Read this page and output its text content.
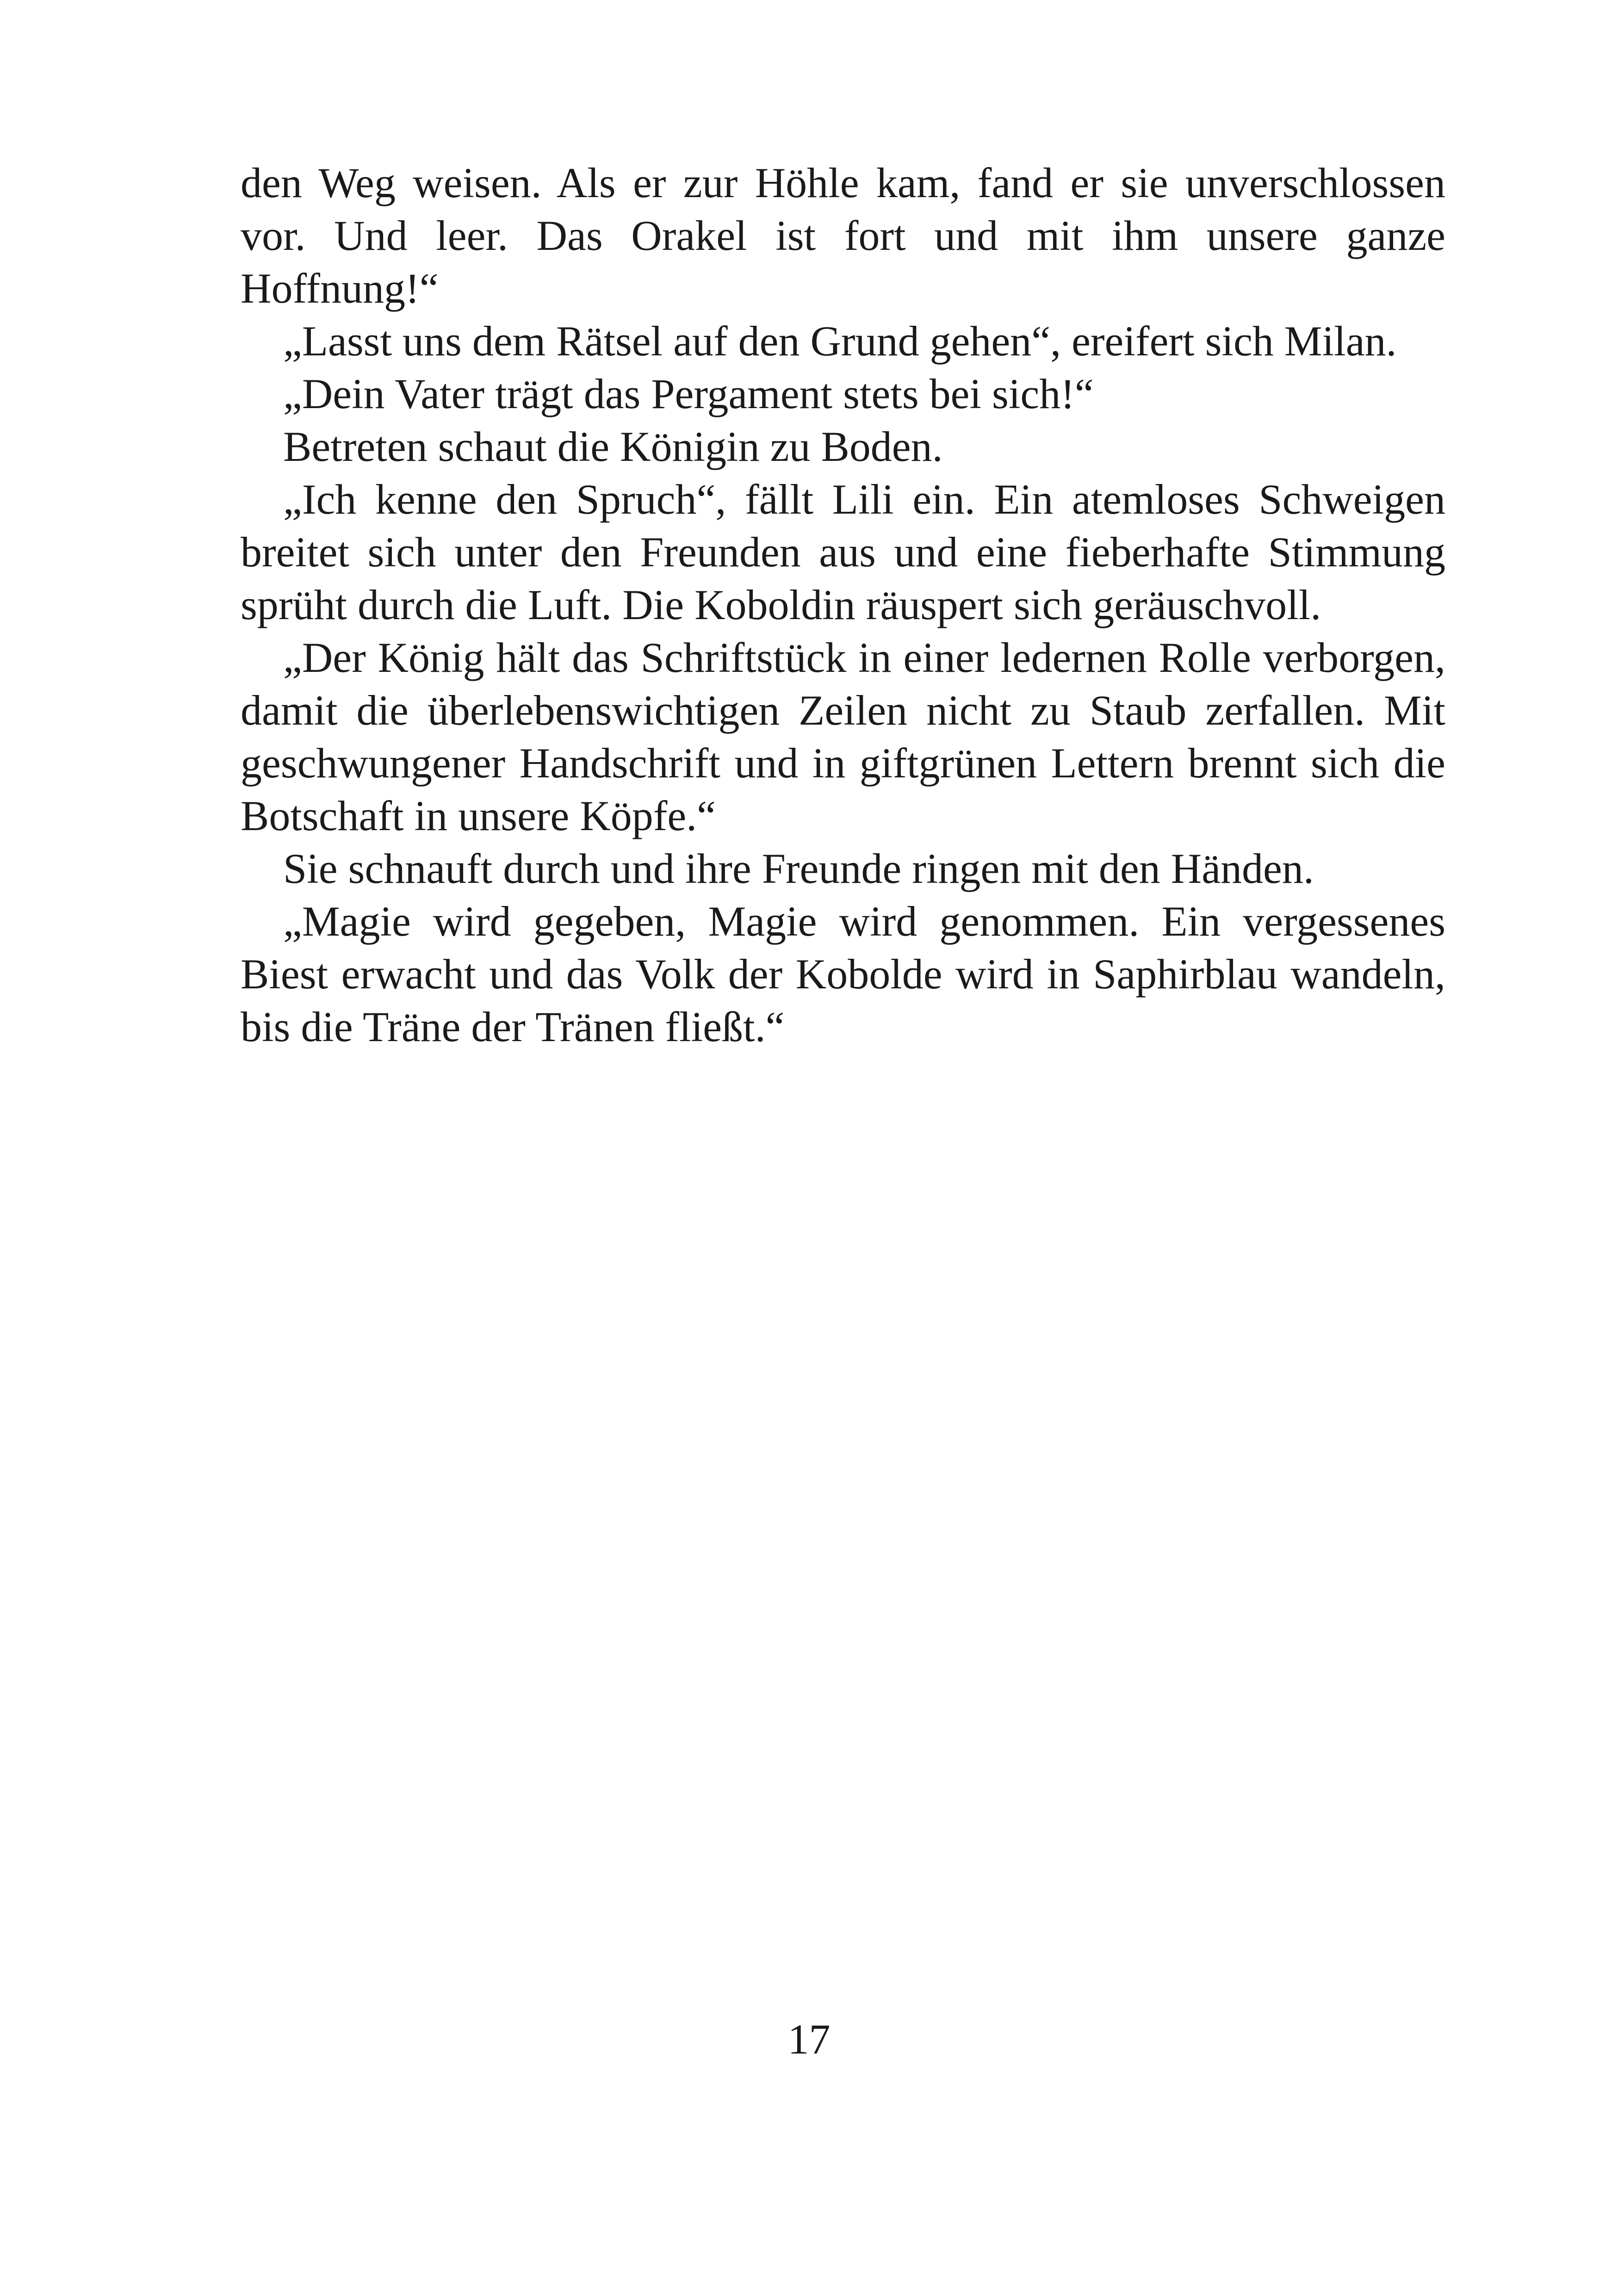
den Weg weisen. Als er zur Höhle kam, fand er sie unverschlossen vor. Und leer. Das Orakel ist fort und mit ihm unsere ganze Hoffnung!“

„Lasst uns dem Rätsel auf den Grund gehen“, ereifert sich Milan.

„Dein Vater trägt das Pergament stets bei sich!“

Betreten schaut die Königin zu Boden.

„Ich kenne den Spruch“, fällt Lili ein. Ein atemloses Schweigen breitet sich unter den Freunden aus und eine fieberhafte Stimmung sprüht durch die Luft. Die Koboldin räuspert sich geräuschvoll.

„Der König hält das Schriftstück in einer ledernen Rolle verborgen, damit die überlebenswichtigen Zeilen nicht zu Staub zerfallen. Mit geschwungener Handschrift und in giftgrünen Lettern brennt sich die Botschaft in unsere Köpfe.“

Sie schnauft durch und ihre Freunde ringen mit den Händen.

„Magie wird gegeben, Magie wird genommen. Ein vergessenes Biest erwacht und das Volk der Kobolde wird in Saphirblau wandeln, bis die Träne der Tränen fließt.“

17
